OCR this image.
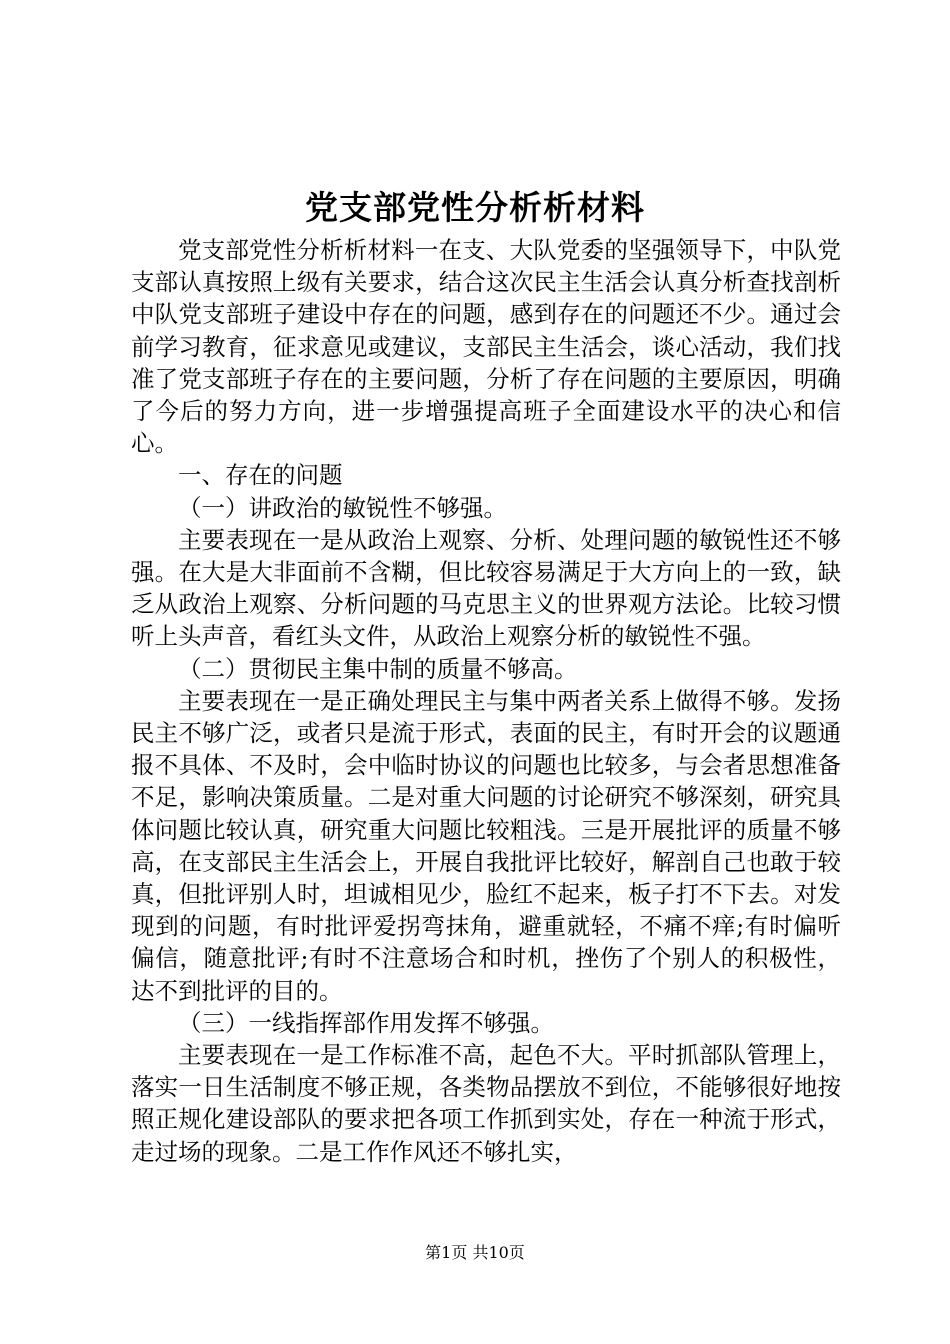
党支部党性分析析材料

党支部党性分析析材料一在支、大队党委的坚强领导下，中队党支部认真按照上级有关要求，结合这次民主生活会认真分析查找剖析中队党支部班子建设中存在的问题，感到存在的问题还不少。通过会前学习教育，征求意见或建议，支部民主生活会，谈心活动，我们找准了党支部班子存在的主要问题，分析了存在问题的主要原因，明确了今后的努力方向，进一步增强提高班子全面建设水平的决心和信心。

一、存在的问题

（一）讲政治的敏锐性不够强。

主要表现在一是从政治上观察、分析、处理问题的敏锐性还不够强。在大是大非面前不含糊，但比较容易满足于大方向上的一致，缺乏从政治上观察、分析问题的马克思主义的世界观方法论。比较习惯听上头声音，看红头文件，从政治上观察分析的敏锐性不强。

（二）贯彻民主集中制的质量不够高。

主要表现在一是正确处理民主与集中两者关系上做得不够。发扬民主不够广泛，或者只是流于形式，表面的民主，有时开会的议题通报不具体、不及时，会中临时协议的问题也比较多，与会者思想准备不足，影响决策质量。二是对重大问题的讨论研究不够深刻，研究具体问题比较认真，研究重大问题比较粗浅。三是开展批评的质量不够高，在支部民主生活会上，开展自我批评比较好，解剖自己也敢于较真，但批评别人时，坦诚相见少，脸红不起来，板子打不下去。对发现到的问题，有时批评爱拐弯抹角，避重就轻，不痛不痒;有时偏听偏信，随意批评;有时不注意场合和时机，挫伤了个别人的积极性，达不到批评的目的。

（三）一线指挥部作用发挥不够强。

主要表现在一是工作标准不高，起色不大。平时抓部队管理上，落实一日生活制度不够正规，各类物品摆放不到位，不能够很好地按照正规化建设部队的要求把各项工作抓到实处，存在一种流于形式，走过场的现象。二是工作作风还不够扎实，

第1页 共10页
